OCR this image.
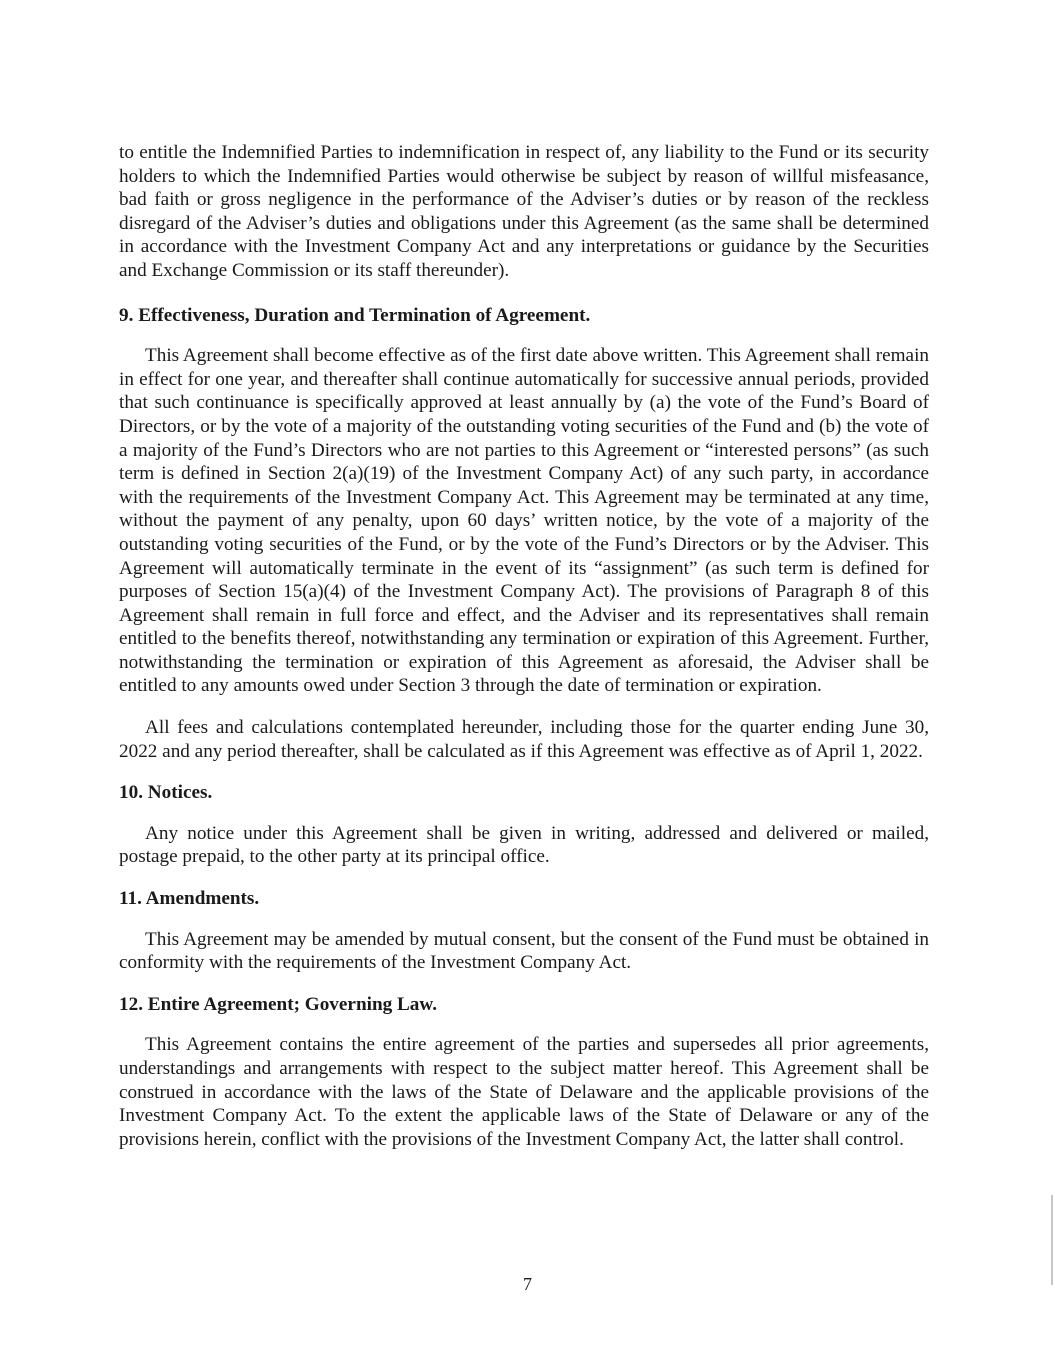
to entitle the Indemnified Parties to indemnification in respect of, any liability to the Fund or its security holders to which the Indemnified Parties would otherwise be subject by reason of willful misfeasance, bad faith or gross negligence in the performance of the Adviser’s duties or by reason of the reckless disregard of the Adviser’s duties and obligations under this Agreement (as the same shall be determined in accordance with the Investment Company Act and any interpretations or guidance by the Securities and Exchange Commission or its staff thereunder).

9. Effectiveness, Duration and Termination of Agreement.

This Agreement shall become effective as of the first date above written. This Agreement shall remain in effect for one year, and thereafter shall continue automatically for successive annual periods, provided that such continuance is specifically approved at least annually by (a) the vote of the Fund’s Board of Directors, or by the vote of a majority of the outstanding voting securities of the Fund and (b) the vote of a majority of the Fund’s Directors who are not parties to this Agreement or “interested persons” (as such term is defined in Section 2(a)(19) of the Investment Company Act) of any such party, in accordance with the requirements of the Investment Company Act. This Agreement may be terminated at any time, without the payment of any penalty, upon 60 days’ written notice, by the vote of a majority of the outstanding voting securities of the Fund, or by the vote of the Fund’s Directors or by the Adviser. This Agreement will automatically terminate in the event of its “assignment” (as such term is defined for purposes of Section 15(a)(4) of the Investment Company Act). The provisions of Paragraph 8 of this Agreement shall remain in full force and effect, and the Adviser and its representatives shall remain entitled to the benefits thereof, notwithstanding any termination or expiration of this Agreement. Further, notwithstanding the termination or expiration of this Agreement as aforesaid, the Adviser shall be entitled to any amounts owed under Section 3 through the date of termination or expiration.

All fees and calculations contemplated hereunder, including those for the quarter ending June 30, 2022 and any period thereafter, shall be calculated as if this Agreement was effective as of April 1, 2022.

10. Notices.

Any notice under this Agreement shall be given in writing, addressed and delivered or mailed, postage prepaid, to the other party at its principal office.

11. Amendments.

This Agreement may be amended by mutual consent, but the consent of the Fund must be obtained in conformity with the requirements of the Investment Company Act.

12. Entire Agreement; Governing Law.

This Agreement contains the entire agreement of the parties and supersedes all prior agreements, understandings and arrangements with respect to the subject matter hereof. This Agreement shall be construed in accordance with the laws of the State of Delaware and the applicable provisions of the Investment Company Act. To the extent the applicable laws of the State of Delaware or any of the provisions herein, conflict with the provisions of the Investment Company Act, the latter shall control.

7
